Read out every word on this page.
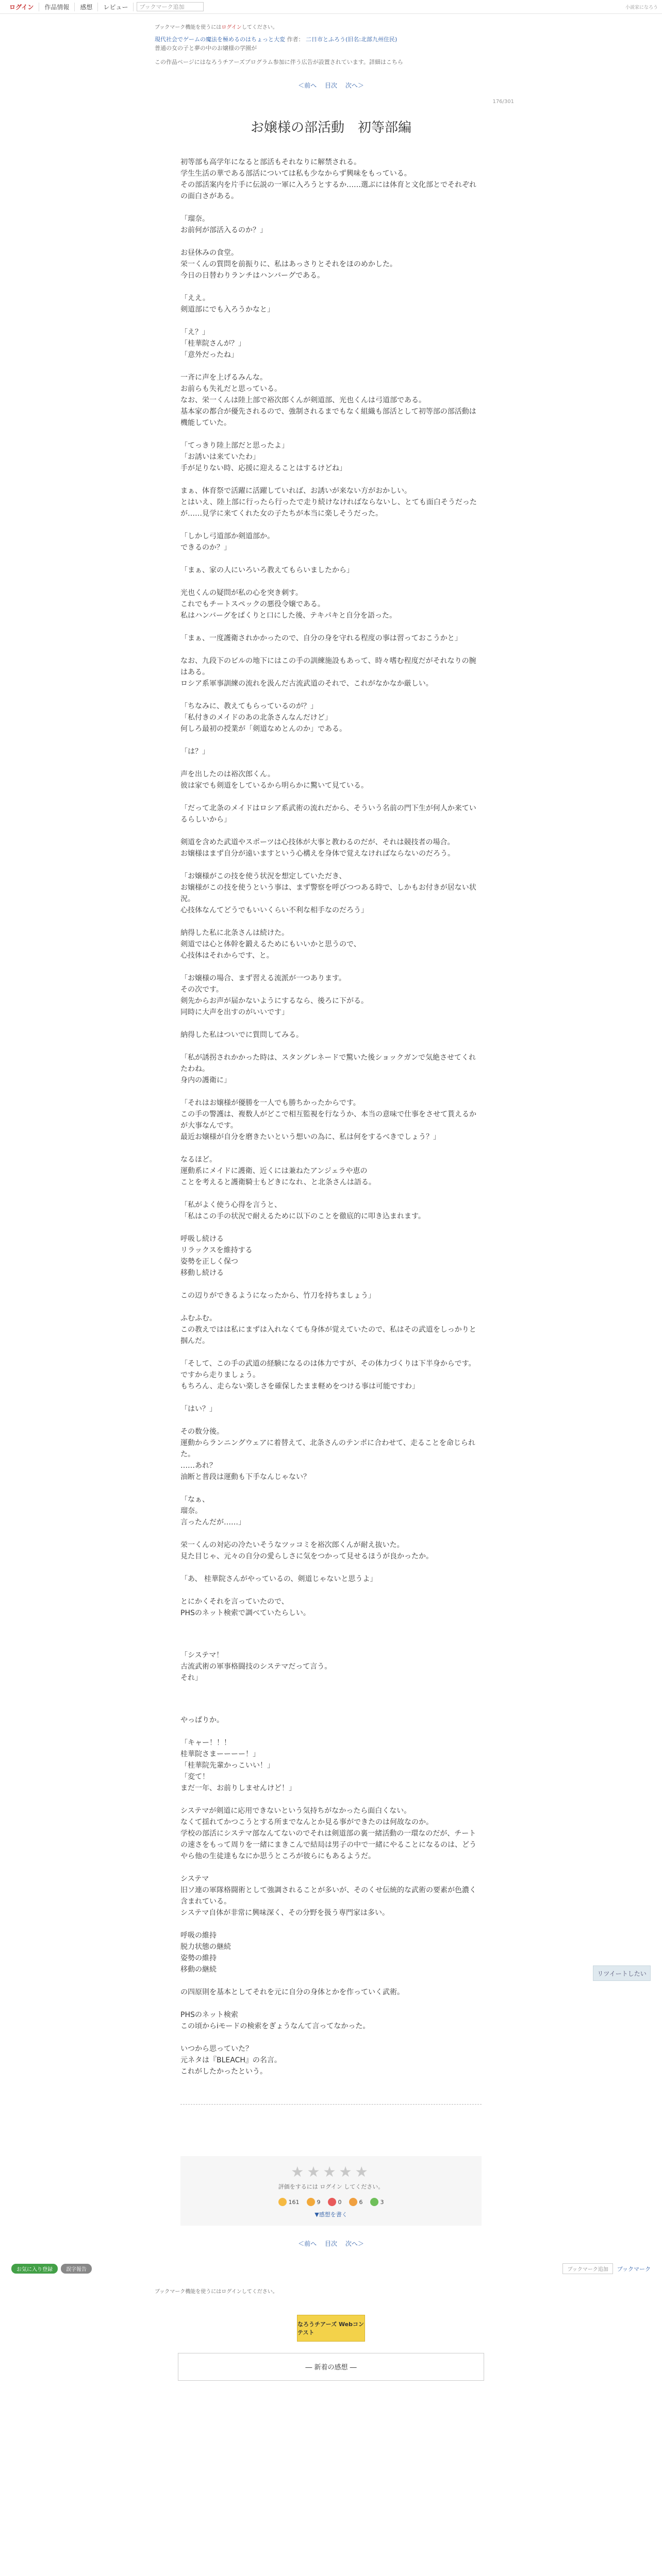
ログイン	作品情報	感想	レビュー	ブックマーク追加	小説家になろう
ブックマーク機能を使うにはログインしてください。
現代社会でゲームの魔法を極めるのはちょっと大変 作者： 二日市とふろう(旧名:北部九州住民)
普通の女の子と夢の中のお嬢様の学園が
この作品ページにはなろうチアーズプログラム参加に伴う広告が設置されています。詳細はこちら
＜前へ　 目次　 次へ＞
176/301
お嬢様の部活動　初等部編

初等部も高学年になると部活もそれなりに解禁される。
学生生活の華である部活については私も少なからず興味をもっている。
その部活案内を片手に伝説の一軍に入ろうとするか……選ぶには体育と文化部とでそれぞれの面白さがある。

「瑠奈。
お前何が部活入るのか？」

お昼休みの食堂。
栄一くんの質問を前振りに、私はあっさりとそれをほのめかした。
今日の日替わりランチはハンバーグである。

「ええ。
剣道部にでも入ろうかなと」

「え？」
「桂華院さんが？」
「意外だったね」

一斉に声を上げるみんな。
お前らも失礼だと思っている。
なお、栄一くんは陸上部で裕次郎くんが剣道部、光也くんは弓道部である。
基本家の都合が優先されるので、強制されるまでもなく組織も部活として初等部の部活動は機能していた。

「てっきり陸上部だと思ったよ」
「お誘いは来ていたわ」
手が足りない時、応援に迎えることはするけどね」

まぁ、体育祭で活躍に活躍していれば、お誘いが来ない方がおかしい。
とはいえ、陸上部に行ったら行ったで走り続けなければならないし、とても面白そうだったが……見学に来てくれた女の子たちが本当に楽しそうだった。

「しかし弓道部か剣道部か。
できるのか？」

「まぁ、家の人にいろいろ教えてもらいましたから」

光也くんの疑問が私の心を突き刺す。
これでもチートスペックの悪役令嬢である。
私はハンバーグをぱくりと口にした後、テキパキと自分を語った。

「まぁ、一度護衛されかかったので、自分の身を守れる程度の事は習っておこうかと」

なお、九段下のビルの地下にはこの手の訓練施設もあって、時々嗜む程度だがそれなりの腕はある。
ロシア系軍事訓練の流れを汲んだ古流武道のそれで、これがなかなか厳しい。

「ちなみに、教えてもらっているのが？」
「私付きのメイドのあの北条さんなんだけど」
何しろ最初の授業が「剣道なめとんのか」である。

「は？」

声を出したのは裕次郎くん。
彼は家でも剣道をしているから明らかに驚いて見ている。

「だって北条のメイドはロシア系武術の流れだから、そういう名前の門下生が何人か来ているらしいから」

剣道を含めた武道やスポーツは心技体が大事と教わるのだが、それは競技者の場合。
お嬢様はまず自分が遠いますという心構えを身体で覚えなければならないのだろう。

「お嬢様がこの技を使う状況を想定していただき、
お嬢様がこの技を使うという事は、まず警察を呼びつつある時で、しかもお付きが居ない状況。
心技体なんてどうでもいいくらい不利な相手なのだろう」

納得した私に北条さんは続けた。
剣道では心と体幹を鍛えるためにもいいかと思うので、
心技体はそれからです、と。

「お嬢様の場合、まず習える流派が一つあります。
その次です。
剣先からお声が届かないようにするなら、後ろに下がる。
同時に大声を出すのがいいです」

納得した私はついでに質問してみる。

「私が誘拐されかかった時は、スタングレネードで驚いた後ショックガンで気絶させてくれたわね。
身内の護衛に」

「それはお嬢様が優勝を一人でも勝ちかったからです。
この手の警護は、複数人がどこで相互監視を行なうか、本当の意味で仕事をさせて貰えるかが大事なんです。
最近お嬢様が自分を磨きたいという想いの為に、私は何をするべきでしょう？」

なるほど。
運動系にメイドに護衛、近くには兼ねたアンジェラや恵の
ことを考えると護衛騎士もどきになれ、と北条さんは語る。

「私がよく使う心得を言うと、
「私はこの手の状況で耐えるために以下のことを徹底的に叩き込まれます。

呼吸し続ける
リラックスを維持する
姿勢を正しく保つ
移動し続ける

この辺りができるようになったから、竹刀を持ちましょう」

ふむふむ。
この教えではは私にまずは入れなくても身体が覚えていたので、私はその武道をしっかりと掴んだ。

「そして、この手の武道の経験になるのは体力ですが、その体力づくりは下半身からです。
ですから走りましょう。
もちろん、走らない楽しさを確保したまま軽めをつける事は可能ですわ」

「はい？」

その数分後。
運動からランニングウェアに着替えて、北条さんのテンポに合わせて、走ることを命じられた。
……あれ？
油断と普段は運動も下手なんじゃない？

「なぁ、
瑠奈。
言ったんだが……」

栄一くんの対応の冷たいそうなツッコミを裕次郎くんが耐え抜いた。
見た目じゃ、元々の自分の愛らしさに気をつかって見せるほうが良かったか。

「あ、 桂華院さんがやっているの、剣道じゃないと思うよ」

とにかくそれを言っていたので、
PHSのネット検索で調べていたらしい。

「システマ！
古流武術の軍事格闘技のシステマだって言う。
それ」

やっぱりか。

「キャー！！！
桂華院さまーーーー！」
「桂華院先輩かっこいい！」
「変て！
まだ一年、お前りしませんけど！」

システマが剣道に応用できないという気持ちがなかったら面白くない。
なくて揺れてかつこうとする所までなんとか見る事ができたのは何故なのか。
学校の部活にシステマ部なんてないのでそれは剣道部の裏一緒活動の一環なのだが、チートの速さをもって周りを一緒にまきこんで結局は男子の中で一緒にやることになるのは、どうやら他の生徒達もなにか思うところが彼らにもあるようだ。

システマ
旧ソ連の軍隊格闘術として強調されることが多いが、そのくせ伝統的な武術の要素が色濃く含まれている。
システマ自体が非常に興味深く、その分野を扱う専門家は多い。

呼吸の維持
脱力状態の継続
姿勢の維持
移動の継続

の四原則を基本としてそれを元に自分の身体とかを作っていく武術。

PHSのネット検索
この頃からiモードの検索をぎょうなんて言ってなかった。

いつから思っていた？
元ネタは『BLEACH』の名言。
これがしたかったという。

リツイートしたい
★★★★★
評価をするには ログイン してください。
161	9	0	6	3
▼感想を書く
＜前へ　 目次　 次へ＞
お気に入り登録	誤字報告	ブックマーク追加	ブックマーク
ブックマーク機能を使うにはログインしてください。
なろうチアーズ Webコンテスト
― 新着の感想 ―
